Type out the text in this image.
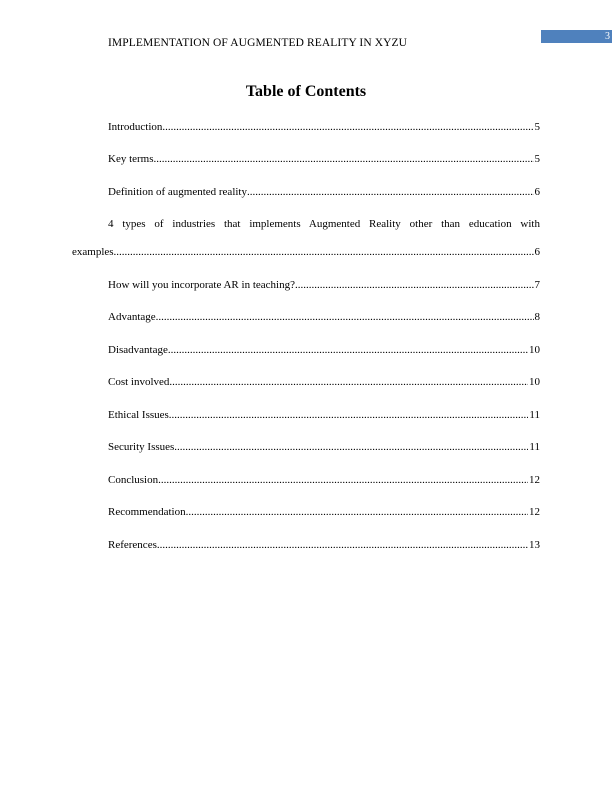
IMPLEMENTATION OF AUGMENTED REALITY IN XYZU
3
Table of Contents
Introduction .....	5
Key terms .....	5
Definition of augmented reality .....	6
4 types of industries that implements Augmented Reality other than education with
examples .....	6
How will you incorporate AR in teaching? .....	7
Advantage .....	8
Disadvantage .....	10
Cost involved .....	10
Ethical Issues .....	11
Security Issues .....	11
Conclusion .....	12
Recommendation .....	12
References .....	13
